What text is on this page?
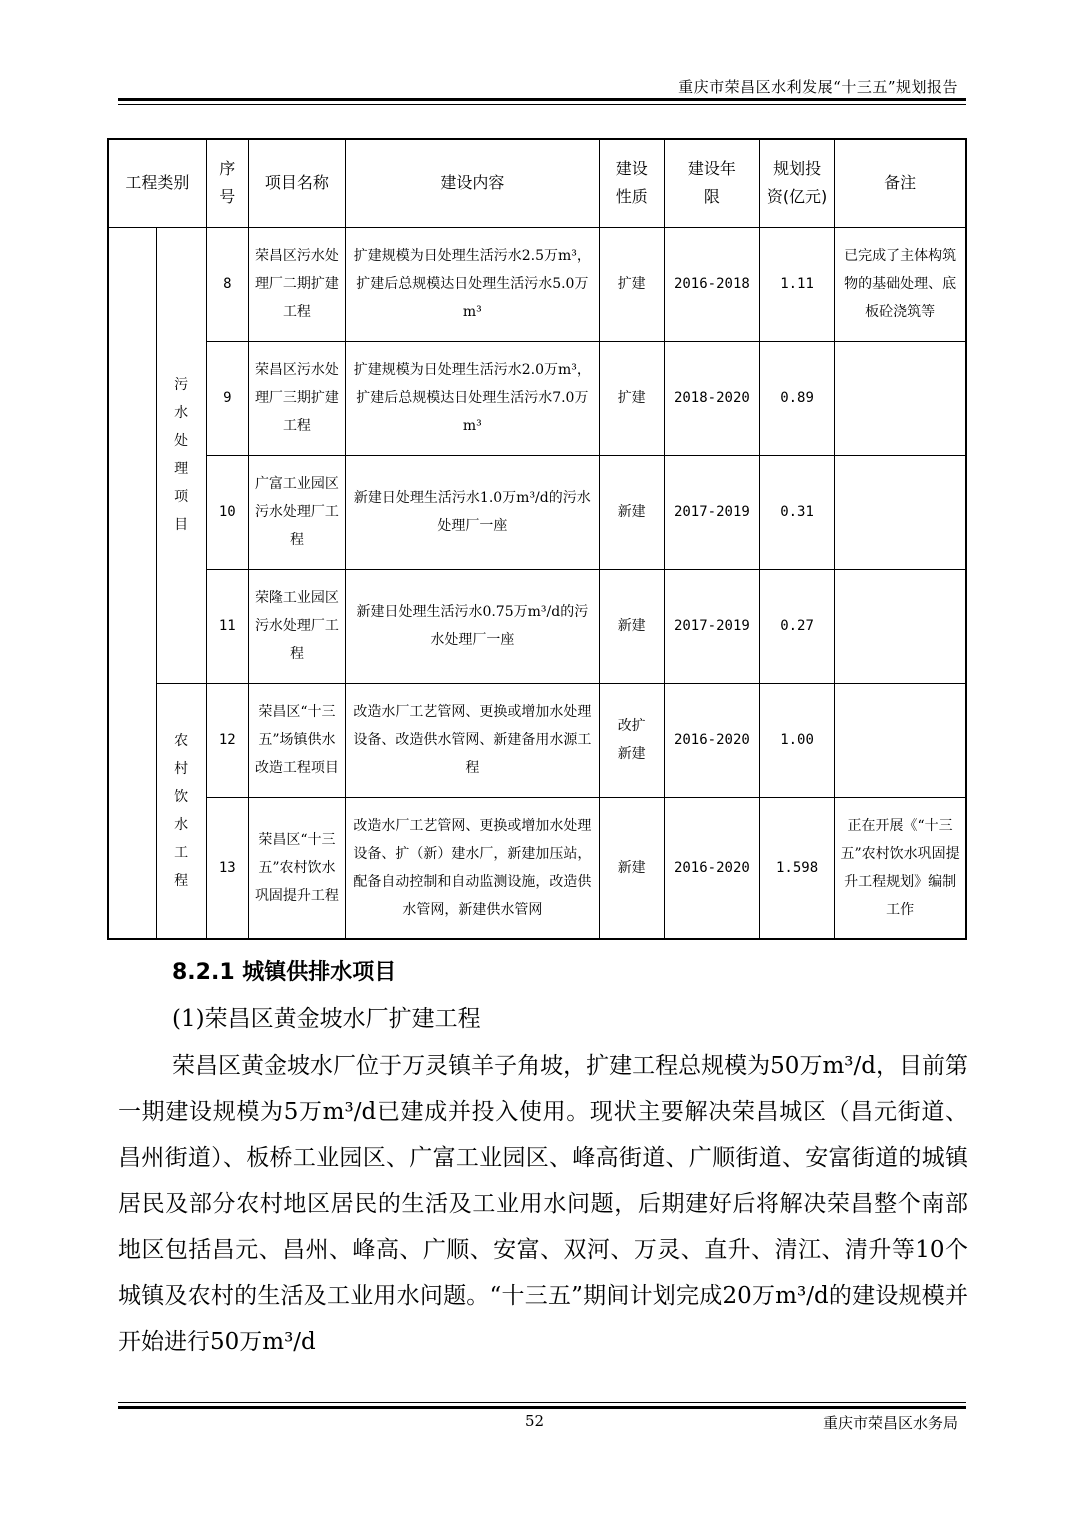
重庆市荣昌区水利发展“十三五”规划报告
工程类别		序号	项目名称	建设内容	建设性质	建设年限	规划投资(亿元)	备注
	污水处理项目	8	荣昌区污水处理厂二期扩建工程	扩建规模为日处理生活污水2.5万m³，扩建后总规模达日处理生活污水5.0万m³	扩建	2016-2018	1.11	已完成了主体构筑物的基础处理、底板砼浇筑等
		9	荣昌区污水处理厂三期扩建工程	扩建规模为日处理生活污水2.0万m³，扩建后总规模达日处理生活污水7.0万m³	扩建	2018-2020	0.89	
		10	广富工业园区污水处理厂工程	新建日处理生活污水1.0万m³/d的污水处理厂一座	新建	2017-2019	0.31	
		11	荣隆工业园区污水处理厂工程	新建日处理生活污水0.75万m³/d的污水处理厂一座	新建	2017-2019	0.27	
	农村饮水工程	12	荣昌区“十三五”场镇供水改造工程项目	改造水厂工艺管网、更换或增加水处理设备、改造供水管网、新建备用水源工程	改扩新建	2016-2020	1.00	
		13	荣昌区“十三五”农村饮水巩固提升工程	改造水厂工艺管网、更换或增加水处理设备、扩（新）建水厂，新建加压站，配备自动控制和自动监测设施，改造供水管网，新建供水管网	新建	2016-2020	1.598	正在开展《“十三五”农村饮水巩固提升工程规划》编制工作
8.2.1 城镇供排水项目
(1)荣昌区黄金坡水厂扩建工程
荣昌区黄金坡水厂位于万灵镇羊子角坡，扩建工程总规模为50万m³/d，目前第一期建设规模为5万m³/d已建成并投入使用。现状主要解决荣昌城区（昌元街道、昌州街道）、板桥工业园区、广富工业园区、峰高街道、广顺街道、安富街道的城镇居民及部分农村地区居民的生活及工业用水问题，后期建好后将解决荣昌整个南部地区包括昌元、昌州、峰高、广顺、安富、双河、万灵、直升、清江、清升等10个城镇及农村的生活及工业用水问题。“十三五”期间计划完成20万m³/d的建设规模并开始进行50万m³/d
52	重庆市荣昌区水务局
